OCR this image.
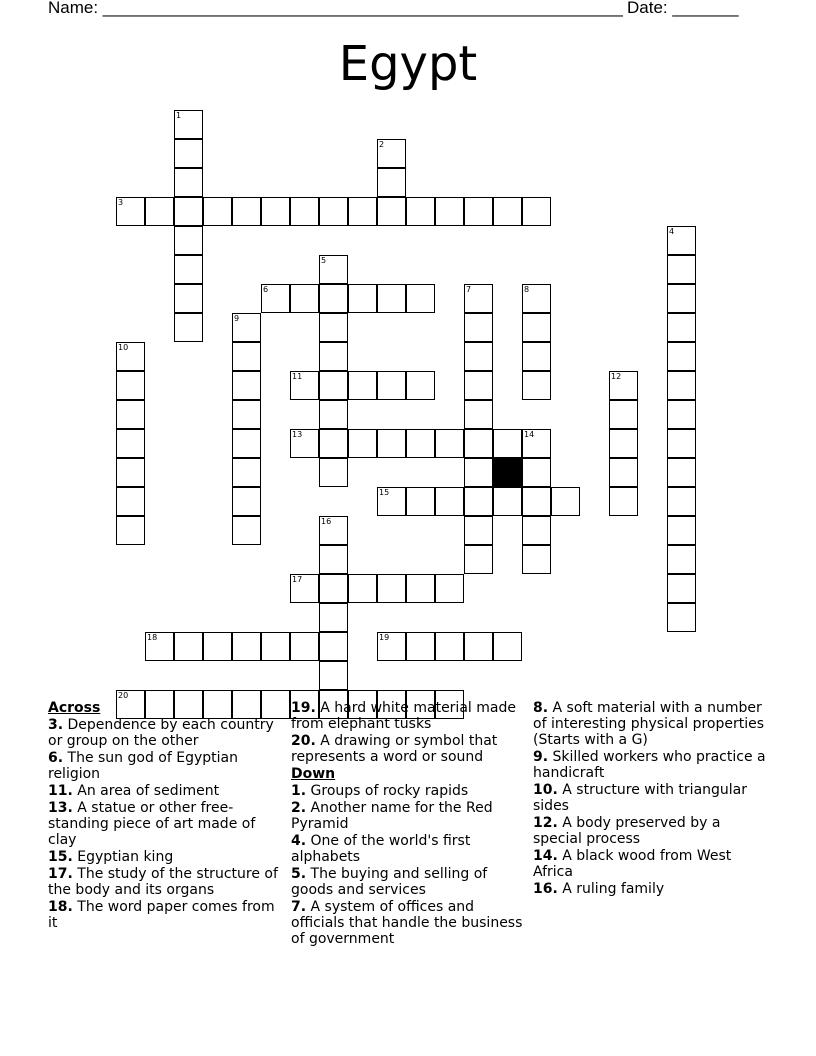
Name: _______________________________________________________ Date: _______
Egypt
1
2
3
4
5
6	7	8
9
10
11	12
13	14
15
16
17
18	19
20
Across
3. Dependence by each country or group on the other
6. The sun god of Egyptian religion
11. An area of sediment
13. A statue or other free-standing piece of art made of clay
15. Egyptian king
17. The study of the structure of the body and its organs
18. The word paper comes from it
19. A hard white material made from elephant tusks
20. A drawing or symbol that represents a word or sound
Down
1. Groups of rocky rapids
2. Another name for the Red Pyramid
4. One of the world's first alphabets
5. The buying and selling of goods and services
7. A system of offices and officials that handle the business of government
8. A soft material with a number of interesting physical properties (Starts with a G)
9. Skilled workers who practice a handicraft
10. A structure with triangular sides
12. A body preserved by a special process
14. A black wood from West Africa
16. A ruling family
